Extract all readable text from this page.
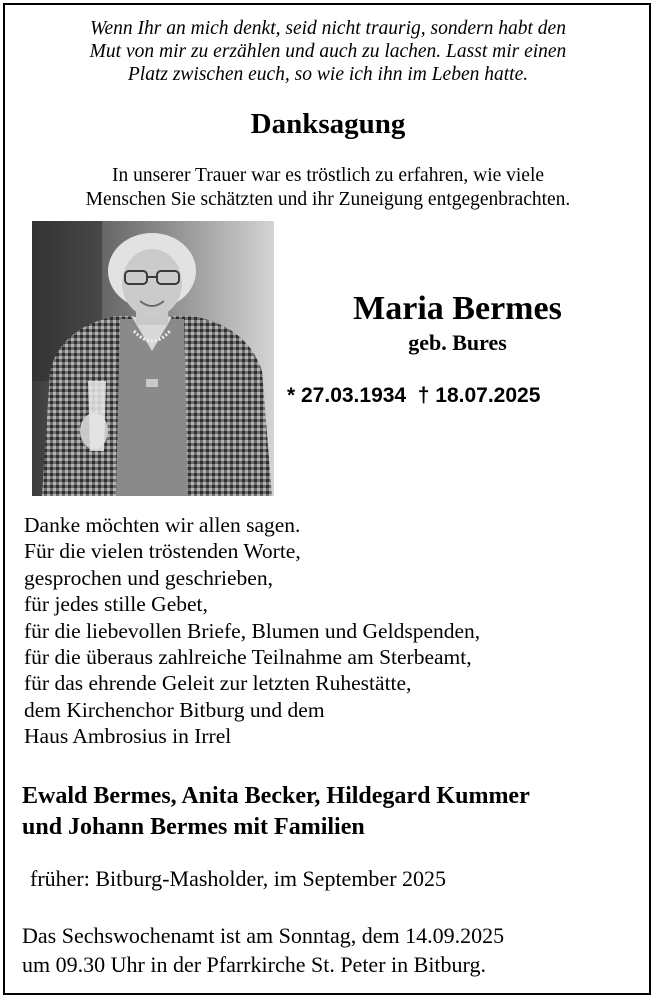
Wenn Ihr an mich denkt, seid nicht traurig, sondern habt den
Mut von mir zu erzählen und auch zu lachen. Lasst mir einen
Platz zwischen euch, so wie ich ihn im Leben hatte.
Danksagung
In unserer Trauer war es tröstlich zu erfahren, wie viele
Menschen Sie schätzten und ihr Zuneigung entgegenbrachten.
Maria Bermes
geb. Bures
* 27.03.1934 † 18.07.2025
Danke möchten wir allen sagen.
Für die vielen tröstenden Worte,
gesprochen und geschrieben,
für jedes stille Gebet,
für die liebevollen Briefe, Blumen und Geldspenden,
für die überaus zahlreiche Teilnahme am Sterbeamt,
für das ehrende Geleit zur letzten Ruhestätte,
dem Kirchenchor Bitburg und dem
Haus Ambrosius in Irrel
Ewald Bermes, Anita Becker, Hildegard Kummer
und Johann Bermes mit Familien
früher: Bitburg-Masholder, im September 2025
Das Sechswochenamt ist am Sonntag, dem 14.09.2025
um 09.30 Uhr in der Pfarrkirche St. Peter in Bitburg.
